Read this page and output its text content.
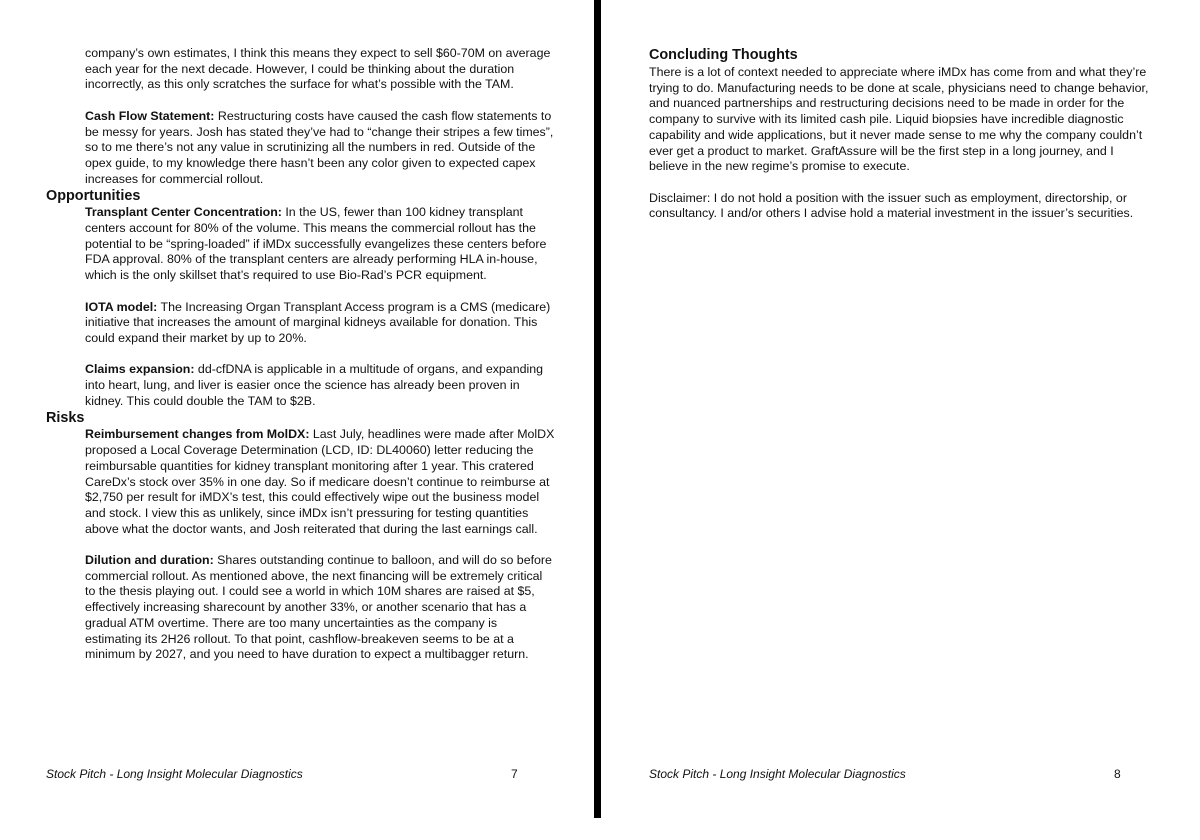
company’s own estimates, I think this means they expect to sell $60-70M on average each year for the next decade. However, I could be thinking about the duration incorrectly, as this only scratches the surface for what’s possible with the TAM.

Cash Flow Statement: Restructuring costs have caused the cash flow statements to be messy for years. Josh has stated they’ve had to “change their stripes a few times”, so to me there’s not any value in scrutinizing all the numbers in red. Outside of the opex guide, to my knowledge there hasn’t been any color given to expected capex increases for commercial rollout.

Opportunities

Transplant Center Concentration: In the US, fewer than 100 kidney transplant centers account for 80% of the volume. This means the commercial rollout has the potential to be “spring-loaded” if iMDx successfully evangelizes these centers before FDA approval. 80% of the transplant centers are already performing HLA in-house, which is the only skillset that’s required to use Bio-Rad’s PCR equipment.

IOTA model: The Increasing Organ Transplant Access program is a CMS (medicare) initiative that increases the amount of marginal kidneys available for donation. This could expand their market by up to 20%.

Claims expansion: dd-cfDNA is applicable in a multitude of organs, and expanding into heart, lung, and liver is easier once the science has already been proven in kidney. This could double the TAM to $2B.

Risks

Reimbursement changes from MolDX: Last July, headlines were made after MolDX proposed a Local Coverage Determination (LCD, ID: DL40060) letter reducing the reimbursable quantities for kidney transplant monitoring after 1 year. This cratered CareDx’s stock over 35% in one day. So if medicare doesn’t continue to reimburse at $2,750 per result for iMDX’s test, this could effectively wipe out the business model and stock. I view this as unlikely, since iMDx isn’t pressuring for testing quantities above what the doctor wants, and Josh reiterated that during the last earnings call.

Dilution and duration: Shares outstanding continue to balloon, and will do so before commercial rollout. As mentioned above, the next financing will be extremely critical to the thesis playing out. I could see a world in which 10M shares are raised at $5, effectively increasing sharecount by another 33%, or another scenario that has a gradual ATM overtime. There are too many uncertainties as the company is estimating its 2H26 rollout. To that point, cashflow-breakeven seems to be at a minimum by 2027, and you need to have duration to expect a multibagger return.

Stock Pitch - Long Insight Molecular Diagnostics	7
Concluding Thoughts

There is a lot of context needed to appreciate where iMDx has come from and what they’re trying to do. Manufacturing needs to be done at scale, physicians need to change behavior, and nuanced partnerships and restructuring decisions need to be made in order for the company to survive with its limited cash pile. Liquid biopsies have incredible diagnostic capability and wide applications, but it never made sense to me why the company couldn’t ever get a product to market. GraftAssure will be the first step in a long journey, and I believe in the new regime’s promise to execute.

Disclaimer: I do not hold a position with the issuer such as employment, directorship, or consultancy. I and/or others I advise hold a material investment in the issuer’s securities.

Stock Pitch - Long Insight Molecular Diagnostics	8
